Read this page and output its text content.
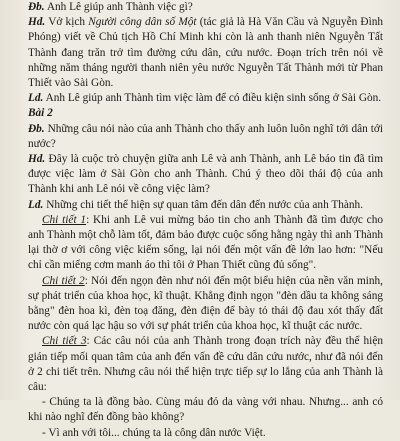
Đb. Anh Lê giúp anh Thành việc gì?

Hd. Vở kịch Người công dân số Một (tác giả là Hà Văn Cầu và Nguyễn Đình Phóng) viết về Chủ tịch Hồ Chí Minh khi còn là anh thanh niên Nguyễn Tất Thành đang trăn trở tìm đường cứu dân, cứu nước. Đoạn trích trên nói về những năm tháng người thanh niên yêu nước Nguyễn Tất Thành mới từ Phan Thiết vào Sài Gòn.

Ld. Anh Lê giúp anh Thành tìm việc làm để có điều kiện sinh sống ở Sài Gòn.

Bài 2

Đb. Những câu nói nào của anh Thành cho thấy anh luôn luôn nghĩ tới dân tới nước?

Hd. Đây là cuộc trò chuyện giữa anh Lê và anh Thành, anh Lê báo tin đã tìm được việc làm ở Sài Gòn cho anh Thành. Chú ý theo dõi thái độ của anh Thành khi anh Lê nói về công việc làm?

Ld. Những chi tiết thể hiện sự quan tâm đến dân đến nước của anh Thành.

Chi tiết 1: Khi anh Lê vui mừng báo tin cho anh Thành đã tìm được cho anh Thành một chỗ làm tốt, đảm bảo được cuộc sống hằng ngày thì anh Thành lại thờ ơ với công việc kiếm sống, lại nói đến một vấn đề lớn lao hơn: "Nếu chỉ cần miếng cơm manh áo thì tôi ở Phan Thiết cũng đủ sống".

Chi tiết 2: Nói đến ngọn đèn như nói đến một biểu hiện của nền văn minh, sự phát triển của khoa học, kĩ thuật. Khẳng định ngọn "đèn dầu ta không sáng bằng" đèn hoa kì, đèn toạ đăng, đèn điện để bày tỏ thái độ đau xót thấy đất nước còn quá lạc hậu so với sự phát triển của khoa học, kĩ thuật các nước.

Chi tiết 3: Các câu nói của anh Thành trong đoạn trích này đều thể hiện gián tiếp mối quan tâm của anh đến vấn đề cứu dân cứu nước, như đã nói đến ở 2 chi tiết trên. Nhưng câu nói thể hiện trực tiếp sự lo lắng của anh Thành là câu:

- Chúng ta là đồng bào. Cùng máu đỏ da vàng với nhau. Nhưng... anh có khi nào nghĩ đến đồng bào không?

- Vì anh với tôi... chúng ta là công dân nước Việt.
